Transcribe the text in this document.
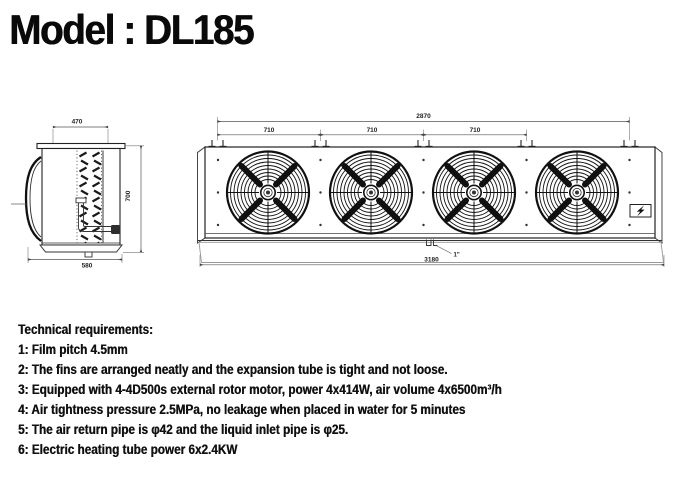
Model : DL185
470
580
700
2870
710	710	710
1"
3180
Technical requirements:
1: Film pitch 4.5mm
2: The fins are arranged neatly and the expansion tube is tight and not loose.
3: Equipped with 4-4D500s external rotor motor, power 4x414W, air volume 4x6500m³/h
4: Air tightness pressure 2.5MPa, no leakage when placed in water for 5 minutes
5: The air return pipe is φ42 and the liquid inlet pipe is φ25.
6: Electric heating tube power 6x2.4KW
